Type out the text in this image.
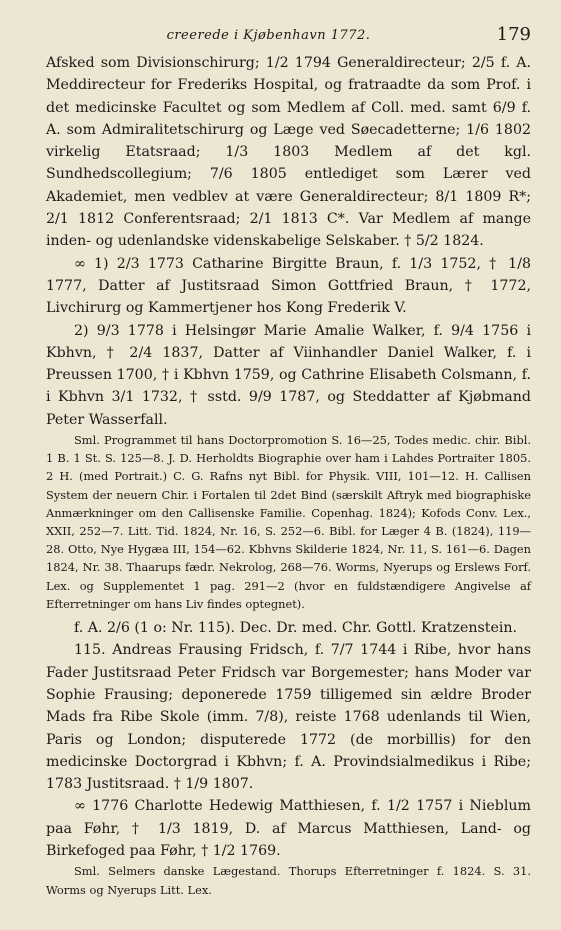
creerede i Kjøbenhavn 1772.	179

Afsked som Divisionschirurg; 1/2 1794 Generaldirecteur; 2/5 f. A. Meddirecteur for Frederiks Hospital, og fratraadte da som Prof. i det medicinske Facultet og som Medlem af Coll. med. samt 6/9 f. A. som Admiralitetschirurg og Læge ved Søecadetterne; 1/6 1802 virkelig Etatsraad; 1/3 1803 Medlem af det kgl. Sundhedscollegium; 7/6 1805 entlediget som Lærer ved Akademiet, men vedblev at være Generaldirecteur; 8/1 1809 R*; 2/1 1812 Conferentsraad; 2/1 1813 C*. Var Medlem af mange inden- og udenlandske videnskabelige Selskaber. † 5/2 1824.

∞ 1) 2/3 1773 Catharine Birgitte Braun, f. 1/3 1752, † 1/8 1777, Datter af Justitsraad Simon Gottfried Braun, † 1772, Livchirurg og Kammertjener hos Kong Frederik V.

2) 9/3 1778 i Helsingør Marie Amalie Walker, f. 9/4 1756 i Kbhvn, † 2/4 1837, Datter af Viinhandler Daniel Walker, f. i Preussen 1700, † i Kbhvn 1759, og Cathrine Elisabeth Colsmann, f. i Kbhvn 3/1 1732, † sstd. 9/9 1787, og Steddatter af Kjøbmand Peter Wasserfall.

Sml. Programmet til hans Doctorpromotion S. 16—25, Todes medic. chir. Bibl. 1 B. 1 St. S. 125—8. J. D. Herholdts Biographie over ham i Lahdes Portraiter 1805. 2 H. (med Portrait.) C. G. Rafns nyt Bibl. for Physik. VIII, 101—12. H. Callisen System der neuern Chir. i Fortalen til 2det Bind (særskilt Aftryk med biographiske Anmærkninger om den Callisenske Familie. Copenhag. 1824); Kofods Conv. Lex., XXII, 252—7. Litt. Tid. 1824, Nr. 16, S. 252—6. Bibl. for Læger 4 B. (1824), 119—28. Otto, Nye Hygæa III, 154—62. Kbhvns Skilderie 1824, Nr. 11, S. 161—6. Dagen 1824, Nr. 38. Thaarups fædr. Nekrolog, 268—76. Worms, Nyerups og Erslews Forf. Lex. og Supplementet 1 pag. 291—2 (hvor en fuldstændigere Angivelse af Efterretninger om hans Liv findes optegnet).

f. A. 2/6 (1 o: Nr. 115). Dec. Dr. med. Chr. Gottl. Kratzenstein.

115. Andreas Frausing Fridsch, f. 7/7 1744 i Ribe, hvor hans Fader Justitsraad Peter Fridsch var Borgemester; hans Moder var Sophie Frausing; deponerede 1759 tilligemed sin ældre Broder Mads fra Ribe Skole (imm. 7/8), reiste 1768 udenlands til Wien, Paris og London; disputerede 1772 (de morbillis) for den medicinske Doctorgrad i Kbhvn; f. A. Provindsialmedikus i Ribe; 1783 Justitsraad. † 1/9 1807.

∞ 1776 Charlotte Hedewig Matthiesen, f. 1/2 1757 i Nieblum paa Føhr, † 1/3 1819, D. af Marcus Matthiesen, Land- og Birkefoged paa Føhr, † 1/2 1769.

Sml. Selmers danske Lægestand. Thorups Efterretninger f. 1824. S. 31. Worms og Nyerups Litt. Lex.
